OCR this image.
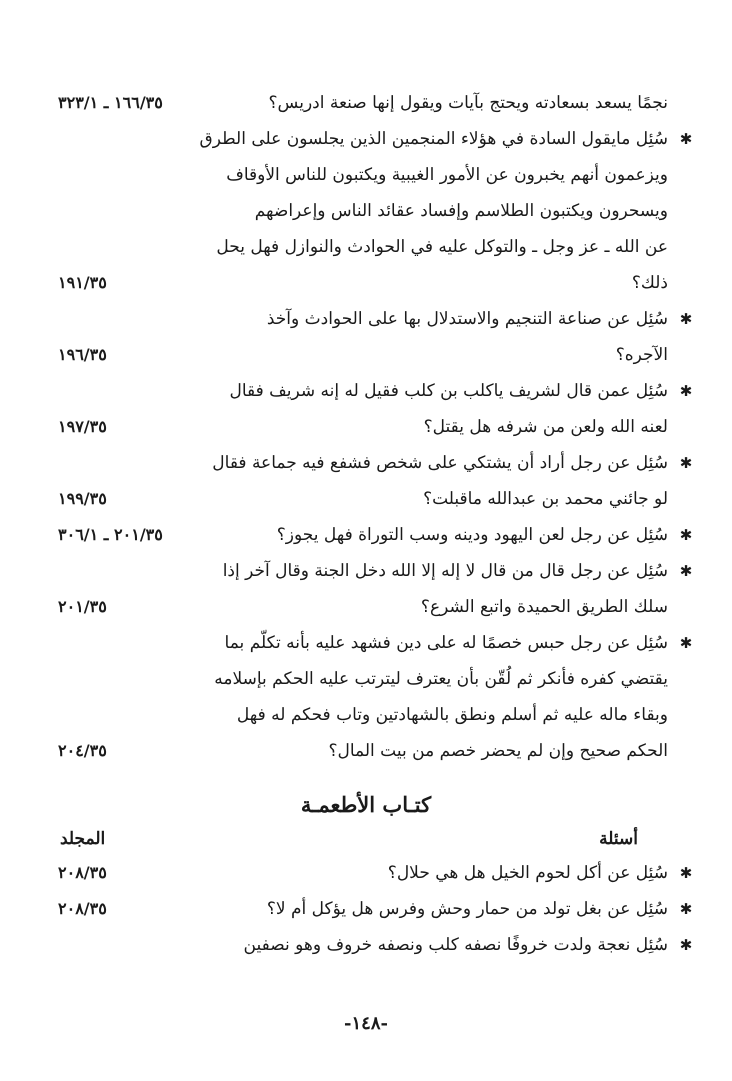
نجمًا يسعد بسعادته ويحتج بآيات ويقول إنها صنعة ادريس؟
١٦٦/٣٥ ـ ٣٢٣/١
✱
سُئِل مايقول السادة في هؤلاء المنجمين الذين يجلسون على الطرق
ويزعمون أنهم يخبرون عن الأمور الغيبية ويكتبون للناس الأوقاف
ويسحرون ويكتبون الطلاسم وإفساد عقائد الناس وإعراضهم
عن الله ـ عز وجل ـ والتوكل عليه في الحوادث والنوازل فهل يحل
ذلك؟
١٩١/٣٥
✱
سُئِل عن صناعة التنجيم والاستدلال بها على الحوادث وآخذ
الآجره؟
١٩٦/٣٥
✱
سُئِل عمن قال لشريف ياكلب بن كلب فقيل له إنه شريف فقال
لعنه الله ولعن من شرفه هل يقتل؟
١٩٧/٣٥
✱
سُئِل عن رجل أراد أن يشتكي على شخص فشفع فيه جماعة فقال
لو جائني محمد بن عبدالله ماقبلت؟
١٩٩/٣٥
✱
سُئِل عن رجل لعن اليهود ودينه وسب التوراة فهل يجوز؟
٢٠١/٣٥ ـ ٣٠٦/١
✱
سُئِل عن رجل قال من قال لا إله إلا الله دخل الجنة وقال آخر إذا
سلك الطريق الحميدة واتبع الشرع؟
٢٠١/٣٥
✱
سُئِل عن رجل حبس خصمًا له على دين فشهد عليه بأنه تكلّم بما
يقتضي كفره فأنكر ثم لُقّن بأن يعترف ليترتب عليه الحكم بإسلامه
وبقاء ماله عليه ثم أسلم ونطق بالشهادتين وتاب فحكم له فهل
الحكم صحيح وإن لم يحضر خصم من بيت المال؟
٢٠٤/٣٥
كتـاب الأطعمـة
أسئلة
المجلد
✱
سُئِل عن أكل لحوم الخيل هل هي حلال؟
٢٠٨/٣٥
✱
سُئِل عن بغل تولد من حمار وحش وفرس هل يؤكل أم لا؟
٢٠٨/٣٥
✱
سُئِل نعجة ولدت خروفًا نصفه كلب ونصفه خروف وهو نصفين
-١٤٨-
